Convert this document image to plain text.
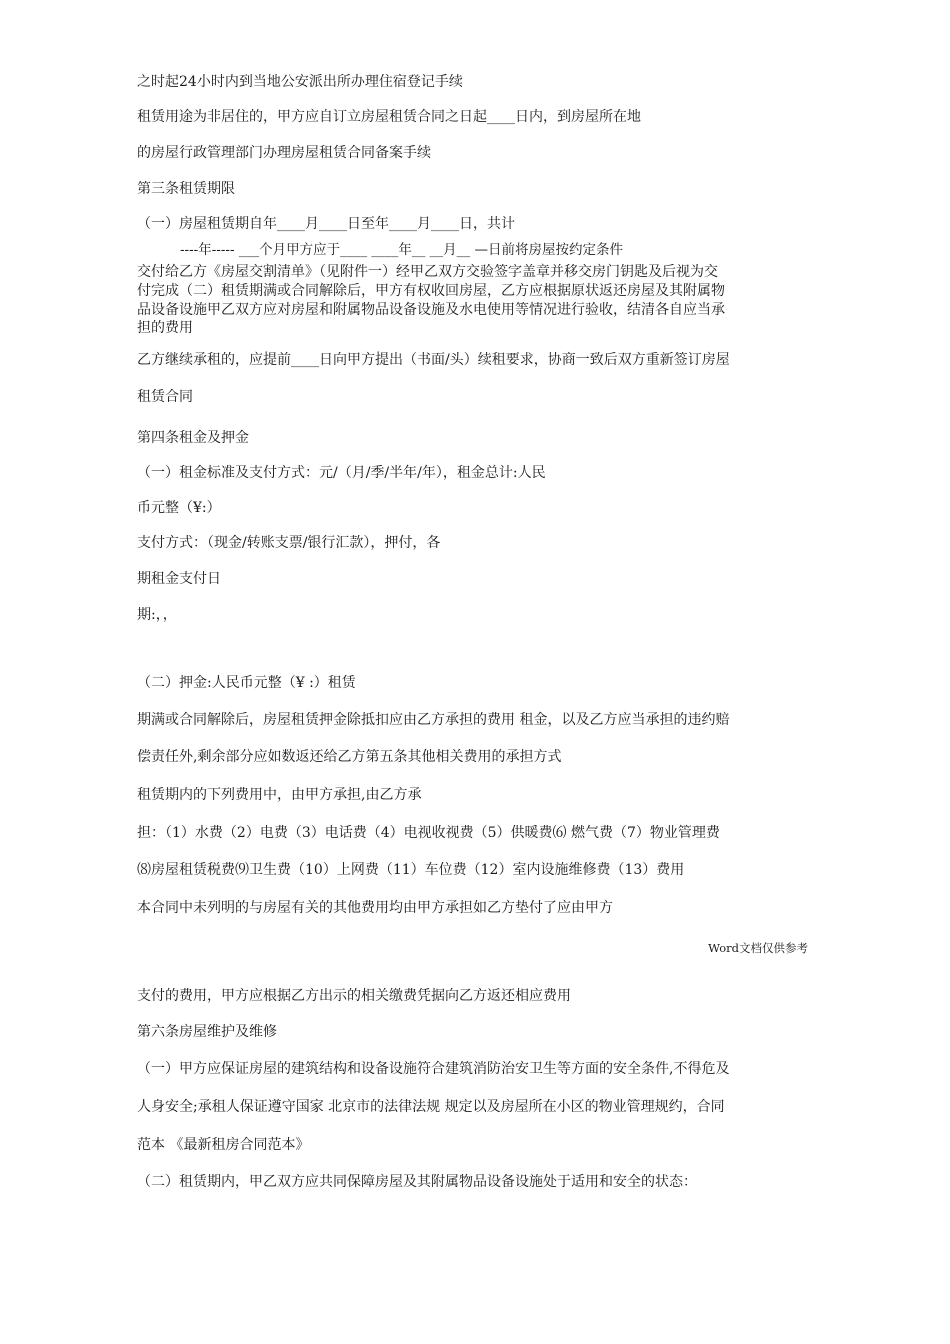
之时起24小时内到当地公安派出所办理住宿登记手续
租赁用途为非居住的，甲方应自订立房屋租赁合同之日起____日内，到房屋所在地
的房屋行政管理部门办理房屋租赁合同备案手续
第三条租赁期限
（一）房屋租赁期自年____月____日至年____月____日，共计
----年----- ___个月甲方应于____ ____年__ __月__ —日前将房屋按约定条件
交付给乙方《房屋交割清单》（见附件一）经甲乙双方交验签字盖章并移交房门钥匙及后视为交
付完成（二）租赁期满或合同解除后，甲方有权收回房屋，乙方应根据原状返还房屋及其附属物
品设备设施甲乙双方应对房屋和附属物品设备设施及水电使用等情况进行验收，结清各自应当承
担的费用
乙方继续承租的，应提前____日向甲方提出（书面/头）续租要求，协商一致后双方重新签订房屋
租赁合同
第四条租金及押金
（一）租金标准及支付方式：元/（月/季/半年/年），租金总计:人民
币元整（¥:）
支付方式：（现金/转账支票/银行汇款），押付，各
期租金支付日
期:，，
（二）押金:人民币元整（¥ :）租赁
期满或合同解除后，房屋租赁押金除抵扣应由乙方承担的费用 租金，以及乙方应当承担的违约赔
偿责任外,剩余部分应如数返还给乙方第五条其他相关费用的承担方式
租赁期内的下列费用中，由甲方承担,由乙方承
担：（1）水费（2）电费（3）电话费（4）电视收视费（5）供暖费⑹ 燃气费（7）物业管理费
⑻房屋租赁税费⑼卫生费（10）上网费（11）车位费（12）室内设施维修费（13）费用
本合同中未列明的与房屋有关的其他费用均由甲方承担如乙方垫付了应由甲方
Word文档仅供参考
支付的费用，甲方应根据乙方出示的相关缴费凭据向乙方返还相应费用
第六条房屋维护及维修
（一）甲方应保证房屋的建筑结构和设备设施符合建筑消防治安卫生等方面的安全条件,不得危及
人身安全;承租人保证遵守国家 北京市的法律法规 规定以及房屋所在小区的物业管理规约，合同
范本 《最新租房合同范本》
（二）租赁期内，甲乙双方应共同保障房屋及其附属物品设备设施处于适用和安全的状态：
